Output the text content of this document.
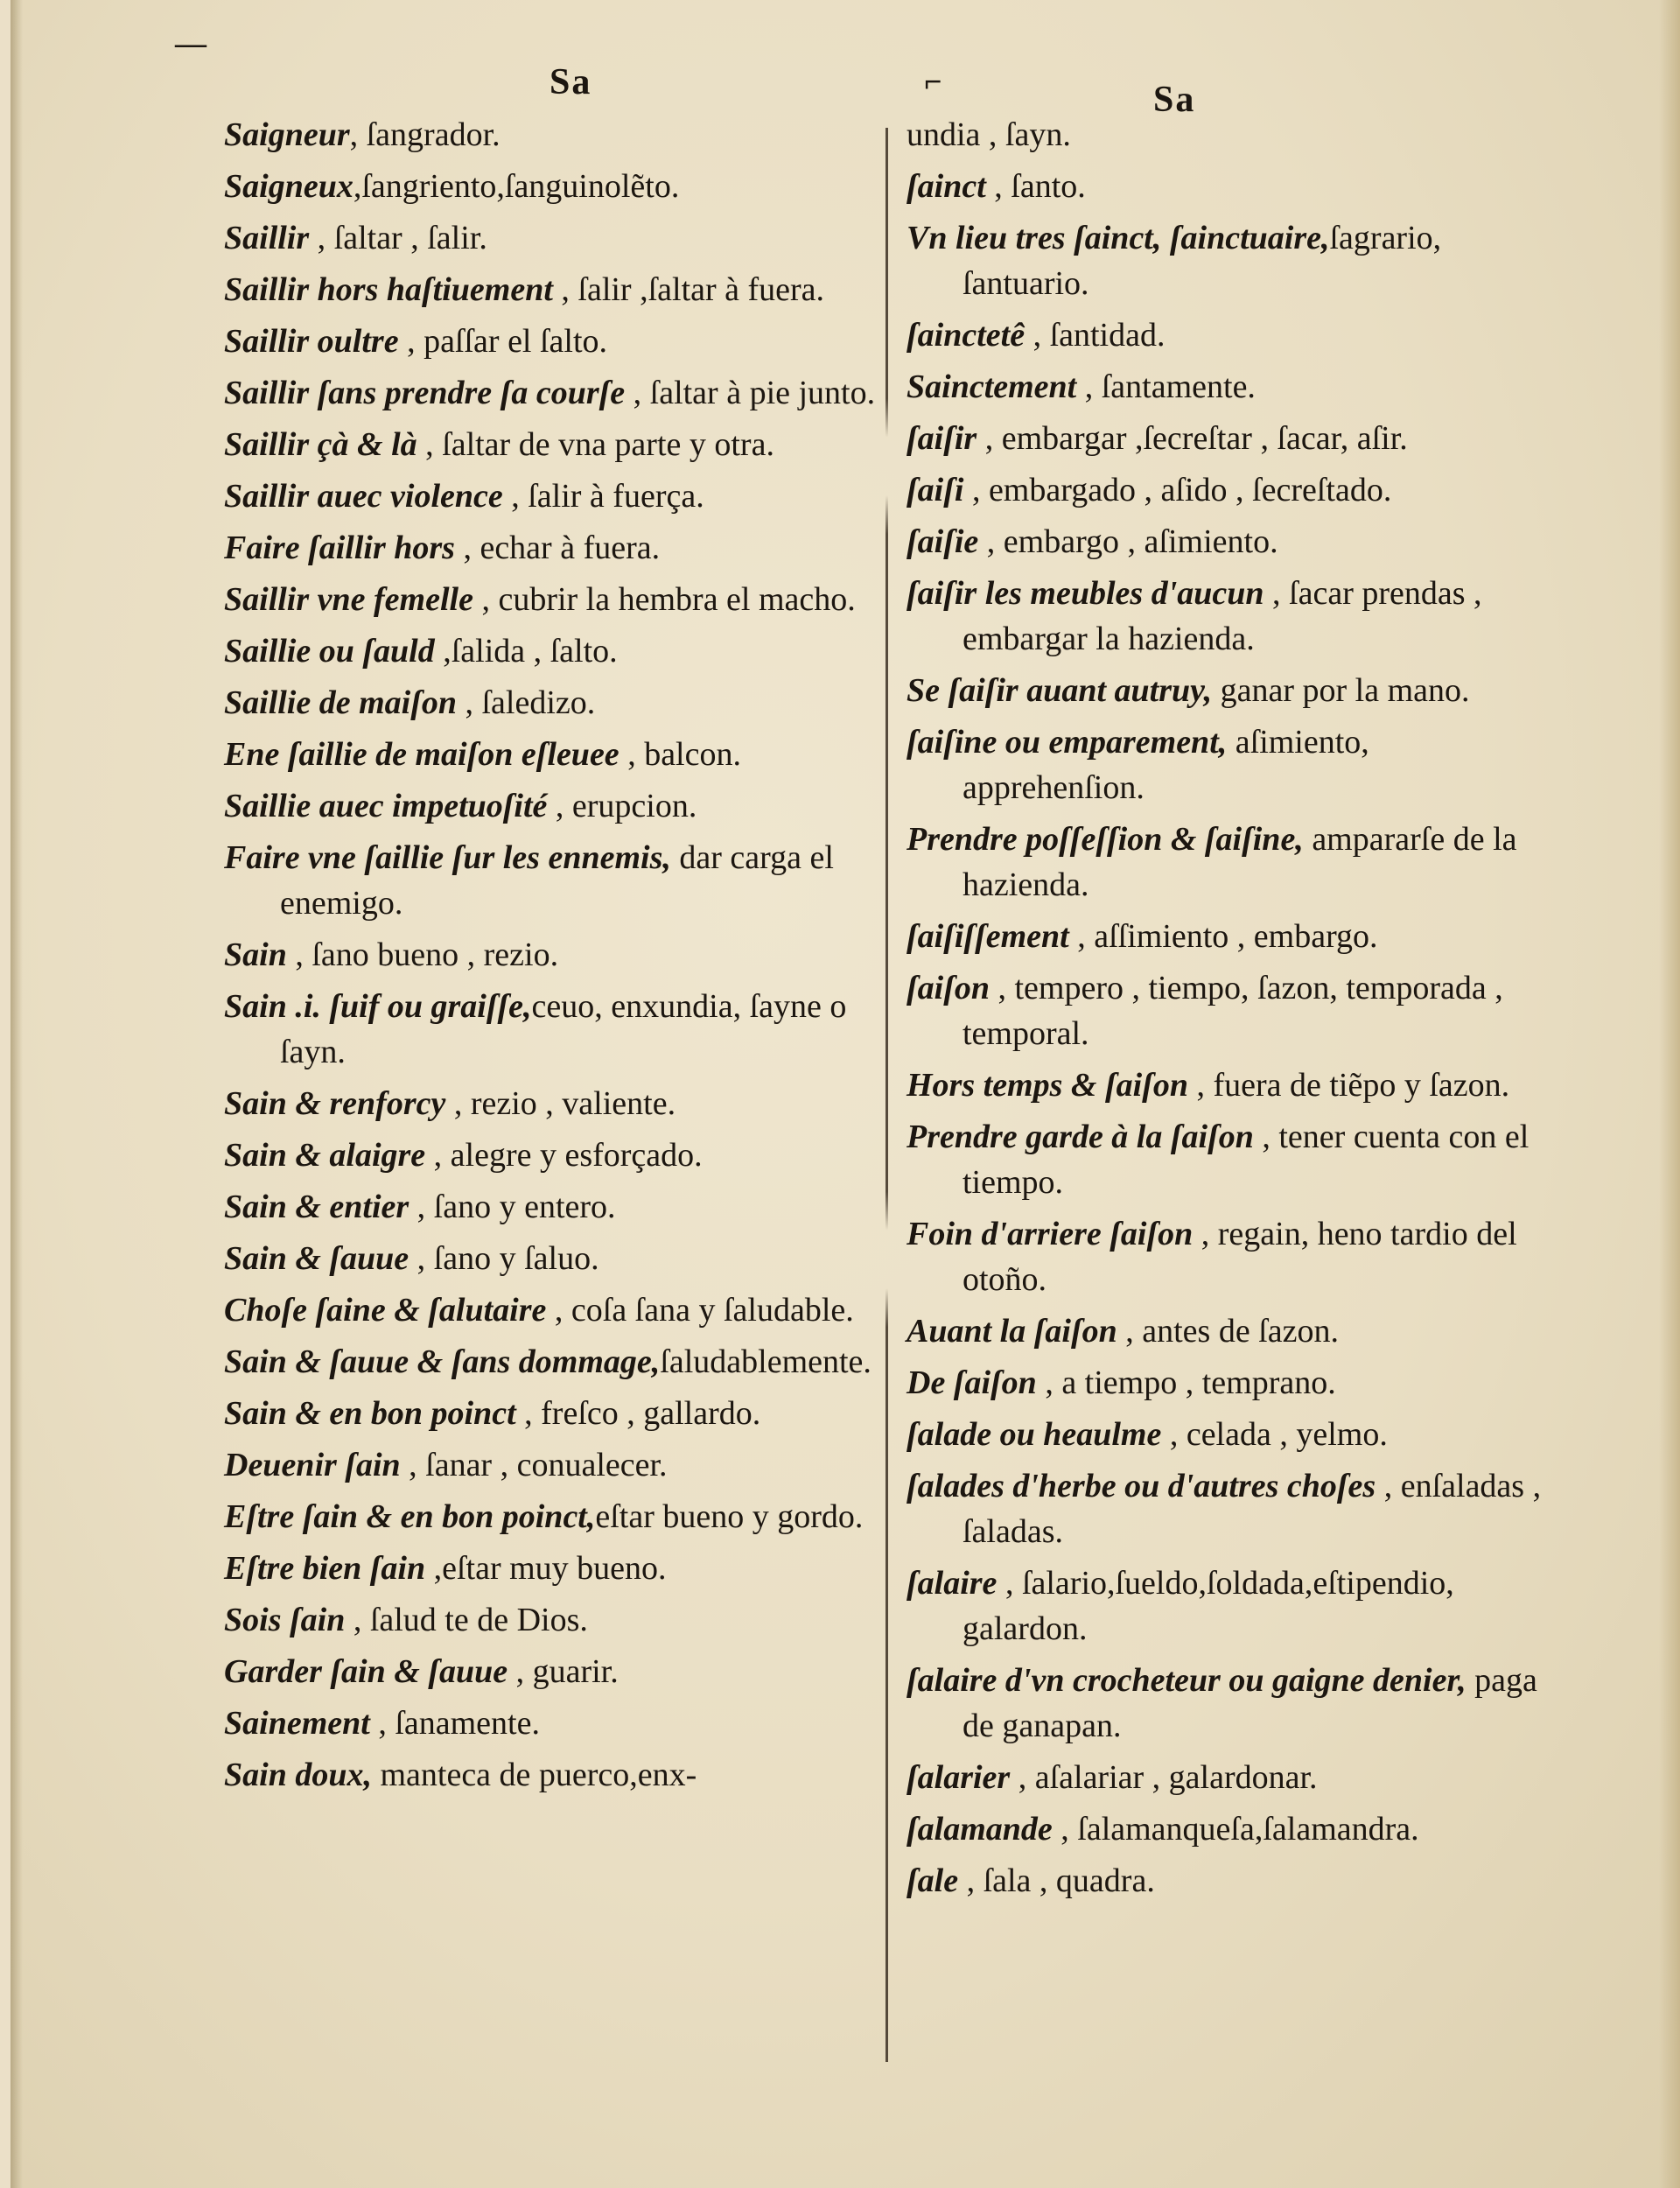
—
⌐
Sa	Sa
Saigneur, ſangrador.
Saigneux,ſangriento,ſanguinolẽto.
Saillir , ſaltar , ſalir.
Saillir hors haſtiuement , ſalir ,ſaltar à fuera.
Saillir oultre , paſſar el ſalto.
Saillir ſans prendre ſa courſe , ſaltar à pie junto.
Saillir çà & là , ſaltar de vna parte y otra.
Saillir auec violence , ſalir à fuerça.
Faire ſaillir hors , echar à fuera.
Saillir vne femelle , cubrir la hembra el macho.
Saillie ou ſauld ,ſalida , ſalto.
Saillie de maiſon , ſaledizo.
Ene ſaillie de maiſon eſleuee , balcon.
Saillie auec impetuoſité , erupcion.
Faire vne ſaillie ſur les ennemis, dar carga el enemigo.
Sain , ſano bueno , rezio.
Sain .i. ſuif ou graiſſe,ceuo, enxundia, ſayne o ſayn.
Sain & renforcy , rezio , valiente.
Sain & alaigre , alegre y esforçado.
Sain & entier , ſano y entero.
Sain & ſauue , ſano y ſaluo.
Choſe ſaine & ſalutaire , coſa ſana y ſaludable.
Sain & ſauue & ſans dommage,ſaludablemente.
Sain & en bon poinct , freſco , gallardo.
Deuenir ſain , ſanar , conualecer.
Eſtre ſain & en bon poinct,eſtar bueno y gordo.
Eſtre bien ſain ,eſtar muy bueno.
Sois ſain , ſalud te de Dios.
Garder ſain & ſauue , guarir.
Sainement , ſanamente.
Sain doux, manteca de puerco,enx-
undia , ſayn.
ſainct , ſanto.
Vn lieu tres ſainct, ſainctuaire,ſagrario, ſantuario.
ſainctetê , ſantidad.
Sainctement , ſantamente.
ſaiſir , embargar ,ſecreſtar , ſacar, aſir.
ſaiſi , embargado , aſido , ſecreſtado.
ſaiſie , embargo , aſimiento.
ſaiſir les meubles d'aucun , ſacar prendas , embargar la hazienda.
Se ſaiſir auant autruy, ganar por la mano.
ſaiſine ou emparement, aſimiento, apprehenſion.
Prendre poſſeſſion & ſaiſine, ampararſe de la hazienda.
ſaiſiſſement , aſſimiento , embargo.
ſaiſon , tempero , tiempo, ſazon, temporada , temporal.
Hors temps & ſaiſon , fuera de tiẽpo y ſazon.
Prendre garde à la ſaiſon , tener cuenta con el tiempo.
Foin d'arriere ſaiſon , regain, heno tardio del otoño.
Auant la ſaiſon , antes de ſazon.
De ſaiſon , a tiempo , temprano.
ſalade ou heaulme , celada , yelmo.
ſalades d'herbe ou d'autres choſes , enſaladas , ſaladas.
ſalaire , ſalario,ſueldo,ſoldada,eſtipendio, galardon.
ſalaire d'vn crocheteur ou gaigne denier, paga de ganapan.
ſalarier , aſalariar , galardonar.
ſalamande , ſalamanqueſa,ſalamandra.
ſale , ſala , quadra.
